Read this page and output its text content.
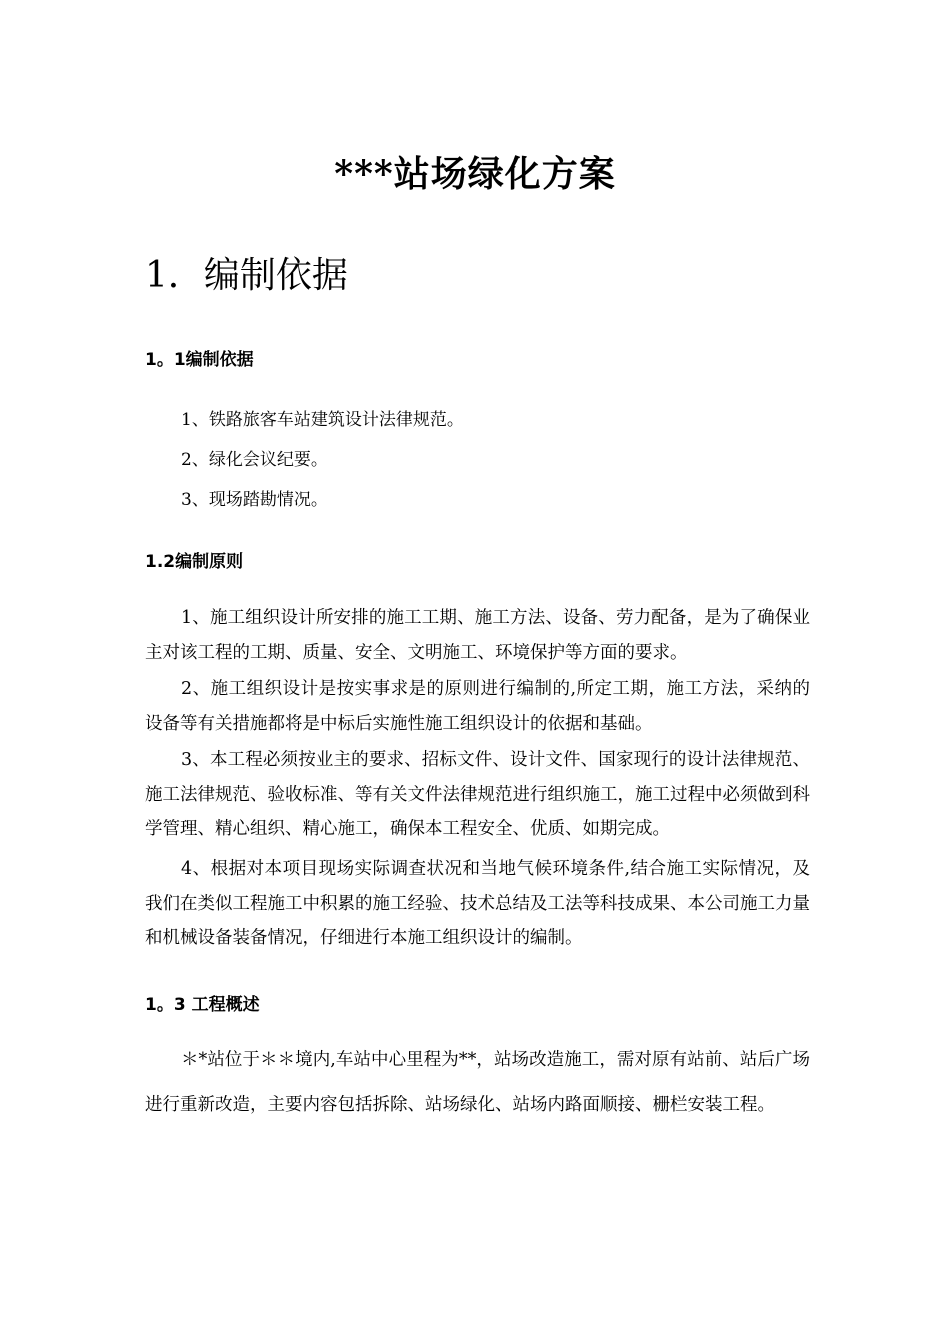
***站场绿化方案
1．编制依据
1。1编制依据
1、铁路旅客车站建筑设计法律规范。
2、绿化会议纪要。
3、现场踏勘情况。
1.2编制原则
1、施工组织设计所安排的施工工期、施工方法、设备、劳力配备，是为了确保业主对该工程的工期、质量、安全、文明施工、环境保护等方面的要求。
2、施工组织设计是按实事求是的原则进行编制的,所定工期，施工方法，采纳的设备等有关措施都将是中标后实施性施工组织设计的依据和基础。
3、本工程必须按业主的要求、招标文件、设计文件、国家现行的设计法律规范、施工法律规范、验收标准、等有关文件法律规范进行组织施工，施工过程中必须做到科学管理、精心组织、精心施工，确保本工程安全、优质、如期完成。
4、根据对本项目现场实际调查状况和当地气候环境条件,结合施工实际情况，及我们在类似工程施工中积累的施工经验、技术总结及工法等科技成果、本公司施工力量和机械设备装备情况，仔细进行本施工组织设计的编制。
1。3 工程概述
＊*站位于＊＊境内,车站中心里程为**，站场改造施工，需对原有站前、站后广场进行重新改造，主要内容包括拆除、站场绿化、站场内路面顺接、栅栏安装工程。
